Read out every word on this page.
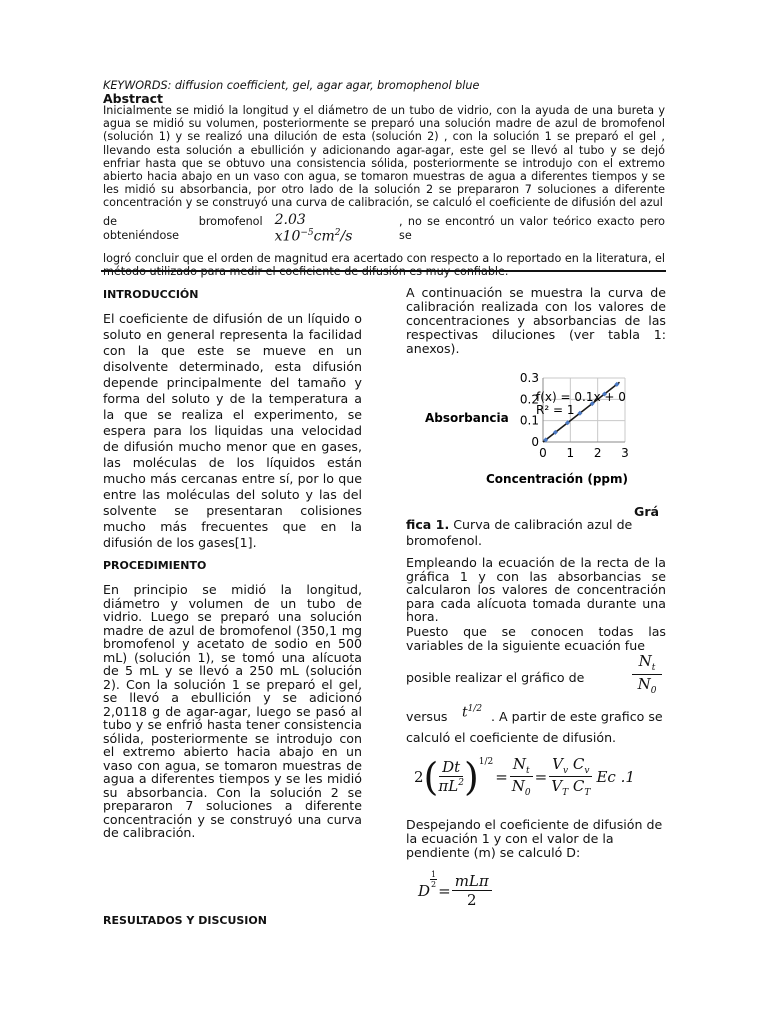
KEYWORDS: diffusion coefficient, gel, agar agar, bromophenol blue
Abstract

Inicialmente se midió la longitud y el diámetro de un tubo de vidrio, con la ayuda de una bureta y agua se midió su volumen, posteriormente se preparó una solución madre de azul de bromofenol (solución 1) y se realizó una dilución de esta (solución 2) , con la solución 1 se preparó el gel , llevando esta solución a ebullición y adicionando agar-agar, este gel se llevó al tubo y se dejó enfriar hasta que se obtuvo una consistencia sólida, posteriormente se introdujo con el extremo abierto hacia abajo en un vaso con agua, se tomaron muestras de agua a diferentes tiempos y se les midió su absorbancia, por otro lado de la solución 2 se prepararon 7 soluciones a diferente concentración y se construyó una curva de calibración, se calculó el coeficiente de difusión del azul

de bromofenol obteniéndose
2.03 $x10^{-5}cm^2/s$
, no se encontró un valor teórico exacto pero se

logró concluir que el orden de magnitud era acertado con respecto a lo reportado en la literatura, el

INTRODUCCIÓN
El coeficiente de difusión de un líquido o soluto en general representa la facilidad con la que este se mueve en un disolvente determinado, esta difusión depende principalmente del tamaño y forma del soluto y de la temperatura a la que se realiza el experimento, se espera para los liquidas una velocidad de difusión mucho menor que en gases, las moléculas de los líquidos están mucho más cercanas entre sí, por lo que entre las moléculas del soluto y las del solvente se presentaran colisiones mucho más frecuentes que en la difusión de los gases[1].
PROCEDIMIENTO
En principio se midió la longitud, diámetro y volumen de un tubo de vidrio. Luego se preparó una solución madre de azul de bromofenol (350,1 mg bromofenol y acetato de sodio en 500 mL) (solución 1), se tomó una alícuota de 5 mL y se llevó a 250 mL (solución 2). Con la solución 1 se preparó el gel, se llevó a ebullición y se adicionó 2,0118 g de agar-agar, luego se pasó al tubo y se enfrió hasta tener consistencia sólida, posteriormente se introdujo con el extremo abierto hacia abajo en un vaso con agua, se tomaron muestras de agua a diferentes tiempos y se les midió su absorbancia. Con la solución 2 se prepararon 7 soluciones a diferente concentración y se construyó una curva de calibración.
RESULTADOS Y DISCUSION
A continuación se muestra la curva de calibración realizada con los valores de concentraciones y absorbancias de las respectivas diluciones (ver tabla 1: anexos).
0
0.1
0.2
0.3
0 1 2 3
f(x) = 0.1x + 0
R² = 1
Absorbancia
Concentración (ppm)
Grá
fica 1. Curva de calibración azul de bromofenol.
Empleando la ecuación de la recta de la gráfica 1 y con las absorbancias se calcularon los valores de concentración para cada alícuota tomada durante una hora.
Puesto que se conocen todas las variables de la siguiente ecuación fue
posible realizar el gráfico de	$\frac{N_t}{N_0}$
versus $t^{1/2}$ . A partir de este grafico se
calculó el coeficiente de difusión.
2 ( $\frac{Dt}{\pi L^2} )^{1/2}$
= $\frac{N_t}{N_0} = \frac{V_v C_v}{V_T C_T}$ Ec .1
Despejando el coeficiente de difusión de la ecuación 1 y con el valor de la pendiente (m) se calculó D:
D
$\frac{1}{2}$
= $\frac{\text{mLπ}}{2}$
